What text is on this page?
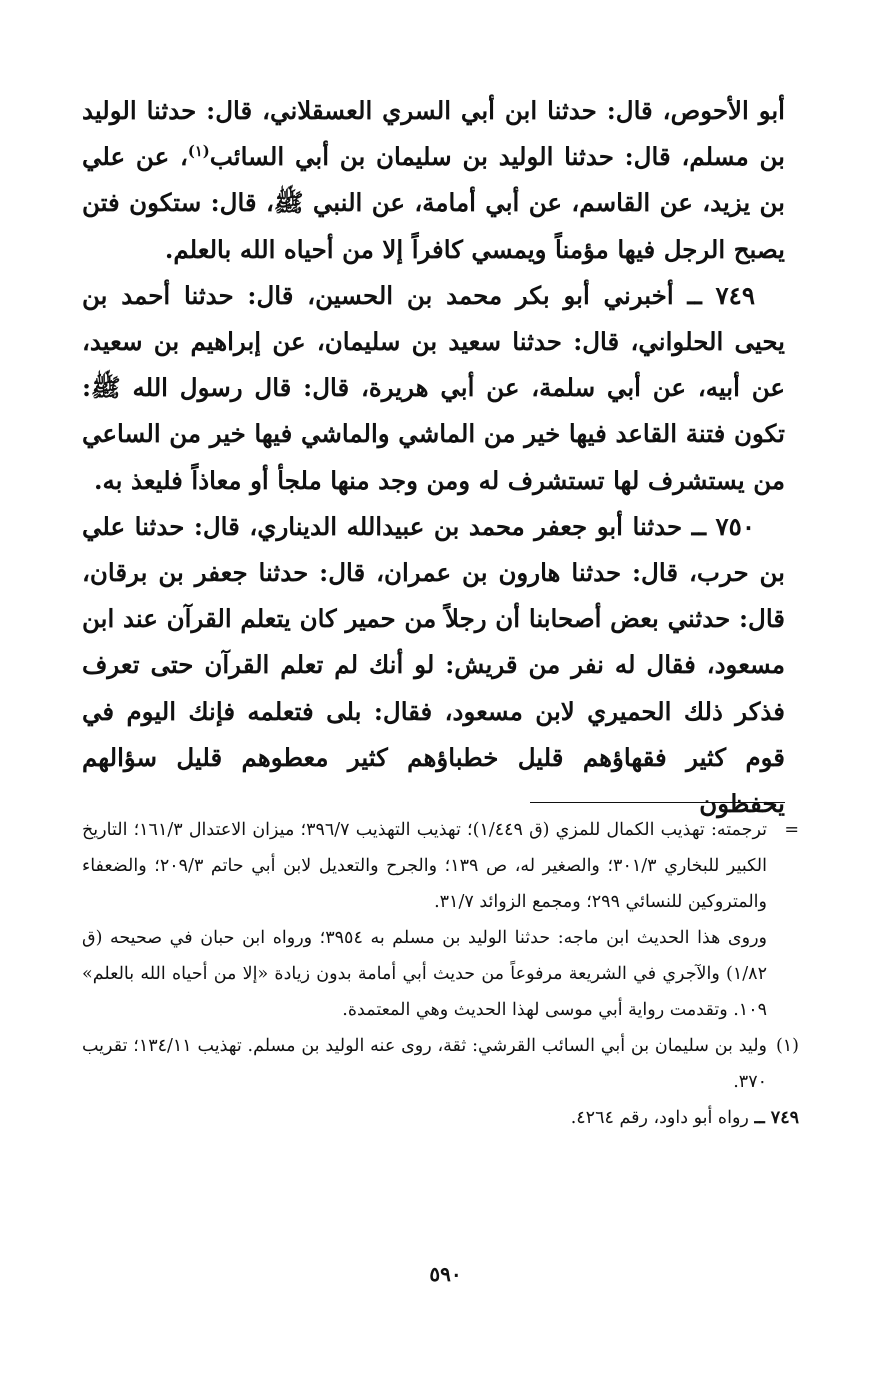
أبو الأحوص، قال: حدثنا ابن أبي السري العسقلاني، قال: حدثنا الوليد بن مسلم، قال: حدثنا الوليد بن سليمان بن أبي السائب$^{(١)}$، عن علي بن يزيد، عن القاسم، عن أبي أمامة، عن النبي ﷺ، قال: ستكون فتن يصبح الرجل فيها مؤمناً ويمسي كافراً إلا من أحياه الله بالعلم.

٧٤٩ ــ أخبرني أبو بكر محمد بن الحسين، قال: حدثنا أحمد بن يحيى الحلواني، قال: حدثنا سعيد بن سليمان، عن إبراهيم بن سعيد، عن أبيه، عن أبي سلمة، عن أبي هريرة، قال: قال رسول الله ﷺ: تكون فتنة القاعد فيها خير من الماشي والماشي فيها خير من الساعي من يستشرف لها تستشرف له ومن وجد منها ملجأ أو معاذاً فليعذ به.

٧٥٠ ــ حدثنا أبو جعفر محمد بن عبيدالله الديناري، قال: حدثنا علي بن حرب، قال: حدثنا هارون بن عمران، قال: حدثنا جعفر بن برقان، قال: حدثني بعض أصحابنا أن رجلاً من حمير كان يتعلم القرآن عند ابن مسعود، فقال له نفر من قريش: لو أنك لم تعلم القرآن حتى تعرف فذكر ذلك الحميري لابن مسعود، فقال: بلى فتعلمه فإنك اليوم في قوم كثير فقهاؤهم قليل خطباؤهم كثير معطوهم قليل سؤالهم يحفظون

=

ترجمته: تهذيب الكمال للمزي (ق ١/٤٤٩)؛ تهذيب التهذيب ٣٩٦/٧؛ ميزان الاعتدال ١٦١/٣؛ التاريخ الكبير للبخاري ٣٠١/٣؛ والصغير له، ص ١٣٩؛ والجرح والتعديل لابن أبي حاتم ٢٠٩/٣؛ والضعفاء والمتروكين للنسائي ٢٩٩؛ ومجمع الزوائد ٣١/٧.

وروى هذا الحديث ابن ماجه: حدثنا الوليد بن مسلم به ٣٩٥٤؛ ورواه ابن حبان في صحيحه (ق ١/٨٢) والآجري في الشريعة مرفوعاً من حديث أبي أمامة بدون زيادة «إلا من أحياه الله بالعلم» ١٠٩. وتقدمت رواية أبي موسى لهذا الحديث وهي المعتمدة.

(١)

وليد بن سليمان بن أبي السائب القرشي: ثقة، روى عنه الوليد بن مسلم. تهذيب ١٣٤/١١؛ تقريب ٣٧٠.

٧٤٩ ــ رواه أبو داود، رقم ٤٢٦٤.

٥٩٠
